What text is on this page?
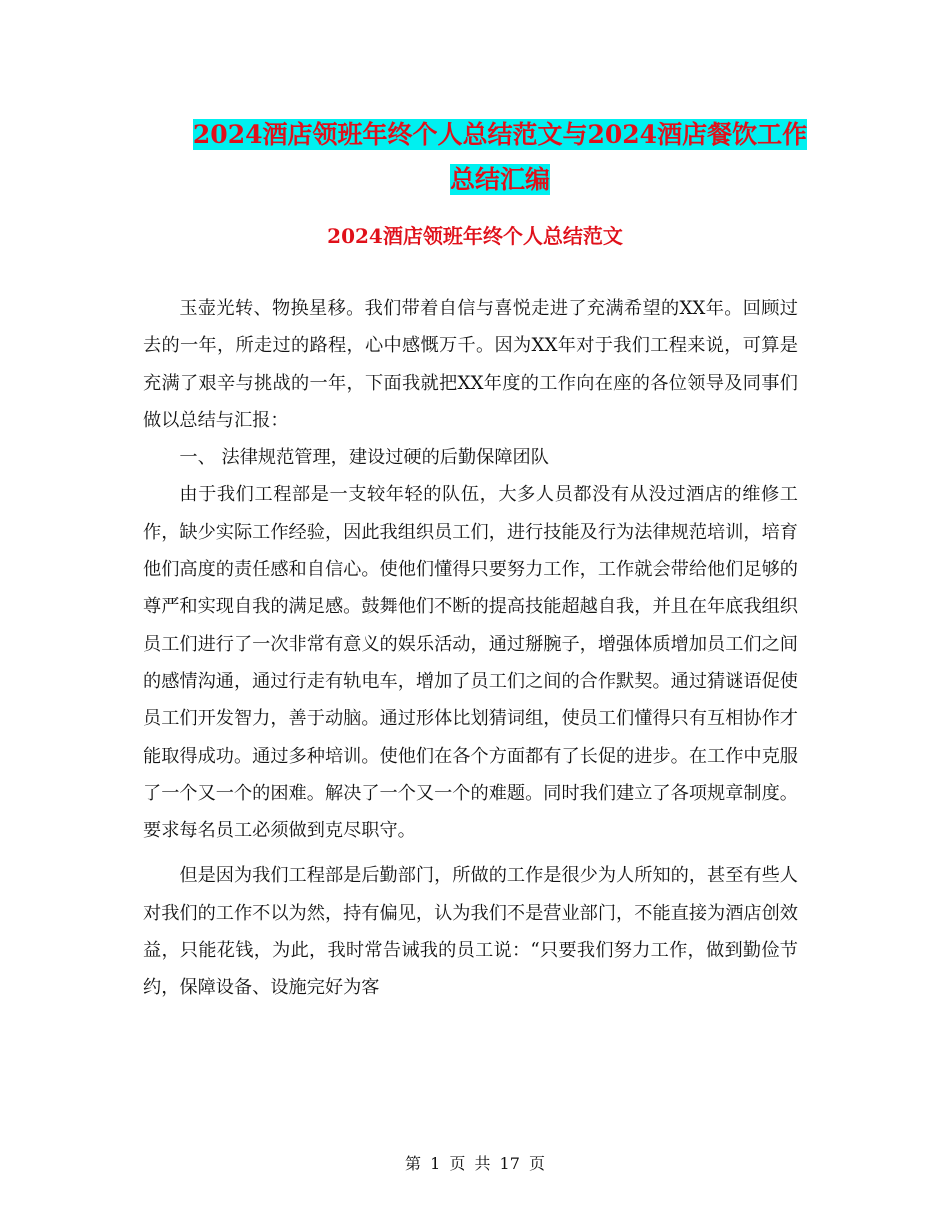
2024酒店领班年终个人总结范文与2024酒店餐饮工作
总结汇编
2024酒店领班年终个人总结范文

玉壶光转、物换星移。我们带着自信与喜悦走进了充满希望的XX年。回顾过去的一年，所走过的路程，心中感慨万千。因为XX年对于我们工程来说，可算是充满了艰辛与挑战的一年，下面我就把XX年度的工作向在座的各位领导及同事们做以总结与汇报：

一、 法律规范管理，建设过硬的后勤保障团队

由于我们工程部是一支较年轻的队伍，大多人员都没有从没过酒店的维修工作，缺少实际工作经验，因此我组织员工们，进行技能及行为法律规范培训，培育他们高度的责任感和自信心。使他们懂得只要努力工作，工作就会带给他们足够的尊严和实现自我的满足感。鼓舞他们不断的提高技能超越自我，并且在年底我组织员工们进行了一次非常有意义的娱乐活动，通过掰腕子，增强体质增加员工们之间的感情沟通，通过行走有轨电车，增加了员工们之间的合作默契。通过猜谜语促使员工们开发智力，善于动脑。通过形体比划猜词组，使员工们懂得只有互相协作才能取得成功。通过多种培训。使他们在各个方面都有了长促的进步。在工作中克服了一个又一个的困难。解决了一个又一个的难题。同时我们建立了各项规章制度。要求每名员工必须做到克尽职守。

但是因为我们工程部是后勤部门，所做的工作是很少为人所知的，甚至有些人对我们的工作不以为然，持有偏见，认为我们不是营业部门，不能直接为酒店创效益，只能花钱，为此，我时常告诫我的员工说：“只要我们努力工作，做到勤俭节约，保障设备、设施完好为客

第 1 页 共 17 页
